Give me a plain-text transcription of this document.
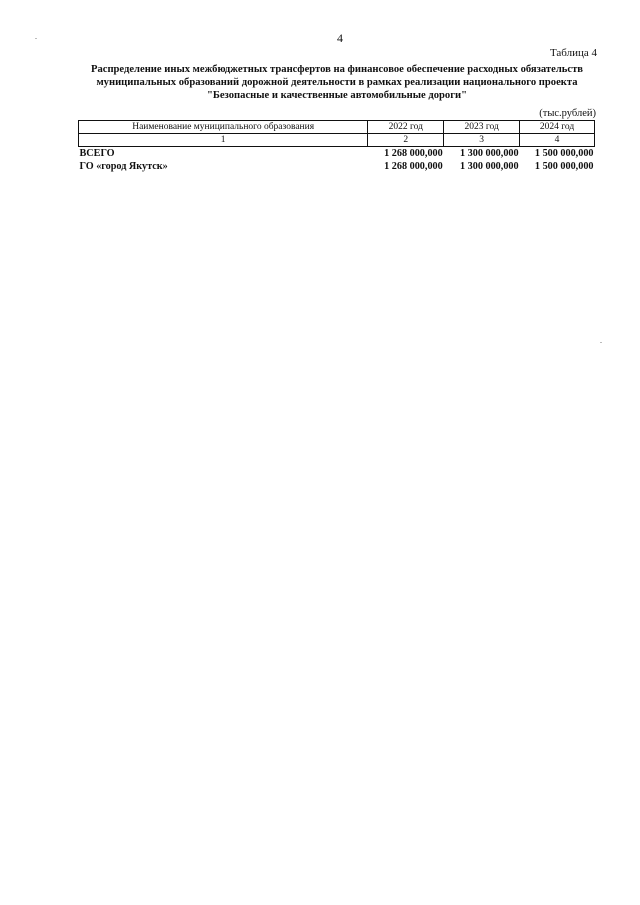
4
Таблица 4
Распределение иных межбюджетных трансфертов на финансовое обеспечение расходных обязательств
муниципальных образований дорожной деятельности в рамках реализации национального проекта
"Безопасные и качественные автомобильные дороги"
(тыс.рублей)
Наименование муниципального образования	2022 год	2023 год	2024 год
1	2	3	4
ВСЕГО	1 268 000,000	1 300 000,000	1 500 000,000
ГО «город Якутск»	1 268 000,000	1 300 000,000	1 500 000,000
